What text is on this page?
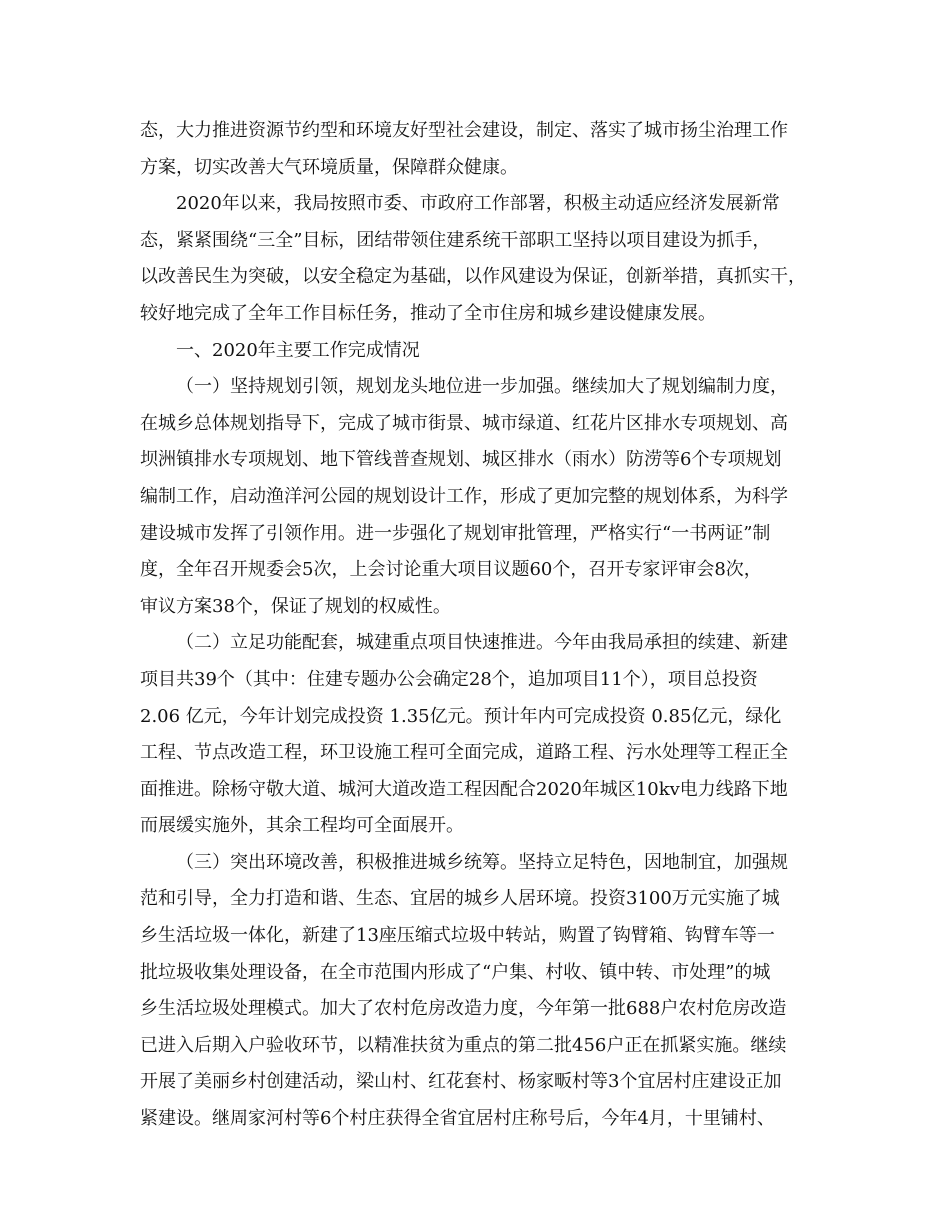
态，大力推进资源节约型和环境友好型社会建设，制定、落实了城市扬尘治理工作
方案，切实改善大气环境质量，保障群众健康。
2020年以来，我局按照市委、市政府工作部署，积极主动适应经济发展新常
态，紧紧围绕“三全”目标，团结带领住建系统干部职工坚持以项目建设为抓手，
以改善民生为突破，以安全稳定为基础，以作风建设为保证，创新举措，真抓实干，
较好地完成了全年工作目标任务，推动了全市住房和城乡建设健康发展。
一、2020年主要工作完成情况
（一）坚持规划引领，规划龙头地位进一步加强。继续加大了规划编制力度，
在城乡总体规划指导下，完成了城市街景、城市绿道、红花片区排水专项规划、高
坝洲镇排水专项规划、地下管线普查规划、城区排水（雨水）防涝等6个专项规划
编制工作，启动渔洋河公园的规划设计工作，形成了更加完整的规划体系，为科学
建设城市发挥了引领作用。进一步强化了规划审批管理，严格实行“一书两证”制
度，全年召开规委会5次，上会讨论重大项目议题60个，召开专家评审会8次，
审议方案38个，保证了规划的权威性。
（二）立足功能配套，城建重点项目快速推进。今年由我局承担的续建、新建
项目共39个（其中：住建专题办公会确定28个，追加项目11个），项目总投资
2.06 亿元，今年计划完成投资 1.35亿元。预计年内可完成投资 0.85亿元，绿化
工程、节点改造工程，环卫设施工程可全面完成，道路工程、污水处理等工程正全
面推进。除杨守敬大道、城河大道改造工程因配合2020年城区10kv电力线路下地
而展缓实施外，其余工程均可全面展开。
（三）突出环境改善，积极推进城乡统筹。坚持立足特色，因地制宜，加强规
范和引导，全力打造和谐、生态、宜居的城乡人居环境。投资3100万元实施了城
乡生活垃圾一体化，新建了13座压缩式垃圾中转站，购置了钩臂箱、钩臂车等一
批垃圾收集处理设备，在全市范围内形成了“户集、村收、镇中转、市处理”的城
乡生活垃圾处理模式。加大了农村危房改造力度，今年第一批688户农村危房改造
已进入后期入户验收环节，以精准扶贫为重点的第二批456户正在抓紧实施。继续
开展了美丽乡村创建活动，梁山村、红花套村、杨家畈村等3个宜居村庄建设正加
紧建设。继周家河村等6个村庄获得全省宜居村庄称号后，今年4月，十里铺村、
